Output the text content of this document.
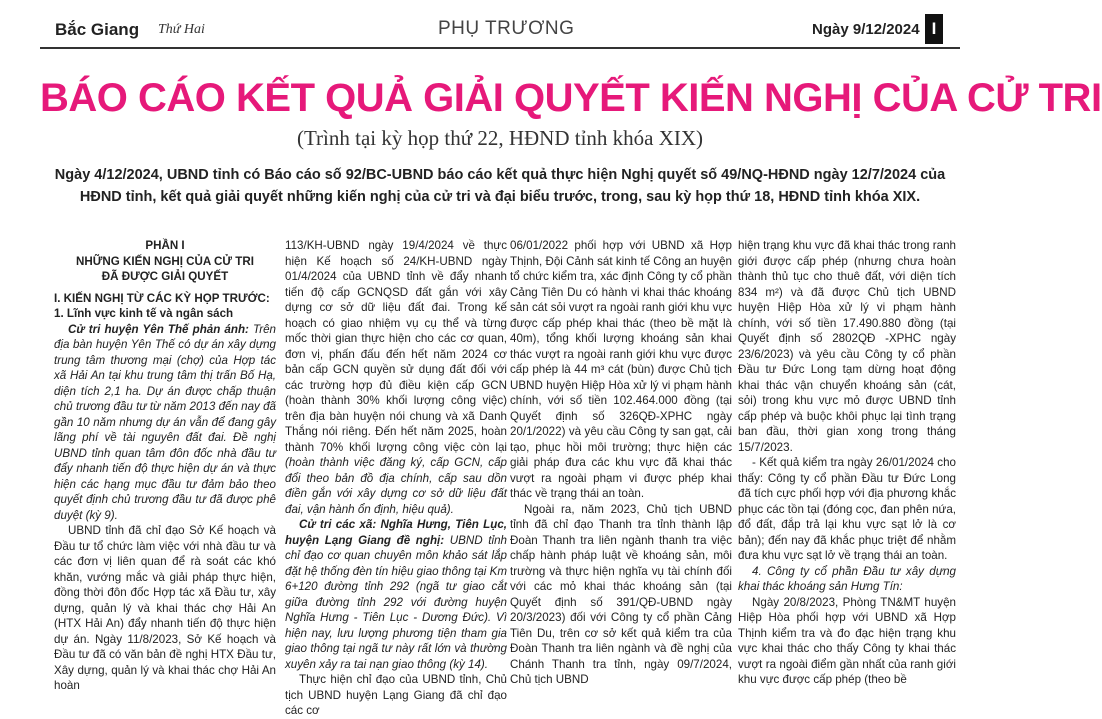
Bắc Giang Thứ Hai	PHỤ TRƯƠNG	Ngày 9/12/2024 I
BÁO CÁO KẾT QUẢ GIẢI QUYẾT KIẾN NGHỊ CỦA CỬ TRI
(Trình tại kỳ họp thứ 22, HĐND tỉnh khóa XIX)
Ngày 4/12/2024, UBND tỉnh có Báo cáo số 92/BC-UBND báo cáo kết quả thực hiện Nghị quyết số 49/NQ-HĐND ngày 12/7/2024 của HĐND tỉnh, kết quả giải quyết những kiến nghị của cử tri và đại biểu trước, trong, sau kỳ họp thứ 18, HĐND tỉnh khóa XIX.

PHẦN I

NHỮNG KIẾN NGHỊ CỦA CỬ TRI

ĐÃ ĐƯỢC GIẢI QUYẾT

I. KIẾN NGHỊ TỪ CÁC KỲ HỌP TRƯỚC:

1. Lĩnh vực kinh tế và ngân sách

Cử tri huyện Yên Thế phản ánh: Trên địa bàn huyện Yên Thế có dự án xây dựng trung tâm thương mại (chợ) của Hợp tác xã Hải An tại khu trung tâm thị trấn Bố Hạ, diện tích 2,1 ha. Dự án được chấp thuận chủ trương đầu tư từ năm 2013 đến nay đã gần 10 năm nhưng dự án vẫn để đang gây lãng phí về tài nguyên đất đai. Đề nghị UBND tỉnh quan tâm đôn đốc nhà đầu tư đẩy nhanh tiến độ thực hiện dự án và thực hiện các hạng mục đầu tư đảm bảo theo quyết định chủ trương đầu tư đã được phê duyệt (kỳ 9).

UBND tỉnh đã chỉ đạo Sở Kế hoạch và Đầu tư tổ chức làm việc với nhà đầu tư và các đơn vị liên quan để rà soát các khó khăn, vướng mắc và giải pháp thực hiện, đồng thời đôn đốc Hợp tác xã Đầu tư, xây dựng, quản lý và khai thác chợ Hải An (HTX Hải An) đẩy nhanh tiến độ thực hiện dự án. Ngày 11/8/2023, Sở Kế hoạch và Đầu tư đã có văn bản đề nghị HTX Đầu tư, Xây dựng, quản lý và khai thác chợ Hải An hoàn

113/KH-UBND ngày 19/4/2024 về thực hiện Kế hoạch số 24/KH-UBND ngày 01/4/2024 của UBND tỉnh về đẩy nhanh tiến độ cấp GCNQSD đất gắn với xây dựng cơ sở dữ liệu đất đai. Trong kế hoạch có giao nhiệm vụ cụ thể và từng mốc thời gian thực hiện cho các cơ quan, đơn vị, phấn đấu đến hết năm 2024 cơ bản cấp GCN quyền sử dụng đất đối với các trường hợp đủ điều kiện cấp GCN (hoàn thành 30% khối lượng công việc) trên địa bàn huyện nói chung và xã Danh Thắng nói riêng. Đến hết năm 2025, hoàn thành 70% khối lượng công việc còn lại (hoàn thành việc đăng ký, cấp GCN, cấp đổi theo bản đồ địa chính, cấp sau dồn điền gắn với xây dựng cơ sở dữ liệu đất đai, vận hành ổn định, hiệu quả).

Cử tri các xã: Nghĩa Hưng, Tiên Lục, huyện Lạng Giang đề nghị: UBND tỉnh chỉ đạo cơ quan chuyên môn khảo sát lắp đặt hệ thống đèn tín hiệu giao thông tại Km 6+120 đường tỉnh 292 (ngã tư giao cắt giữa đường tỉnh 292 với đường huyện Nghĩa Hưng - Tiên Lục - Dương Đức). Vì hiện nay, lưu lượng phương tiện tham gia giao thông tại ngã tư này rất lớn và thường xuyên xảy ra tai nạn giao thông (kỳ 14).

Thực hiện chỉ đạo của UBND tỉnh, Chủ tịch UBND huyện Lạng Giang đã chỉ đạo các cơ

06/01/2022 phối hợp với UBND xã Hợp Thịnh, Đội Cảnh sát kinh tế Công an huyện tổ chức kiểm tra, xác định Công ty cổ phần Cảng Tiên Du có hành vi khai thác khoáng sản cát sỏi vượt ra ngoài ranh giới khu vực được cấp phép khai thác (theo bề mặt là 40m), tổng khối lượng khoáng sản khai thác vượt ra ngoài ranh giới khu vực được cấp phép là 44 m³ cát (bùn) được Chủ tịch UBND huyện Hiệp Hòa xử lý vi phạm hành chính, với số tiền 102.464.000 đồng (tại Quyết định số 326QĐ-XPHC ngày 20/1/2022) và yêu cầu Công ty san gạt, cải tạo, phục hồi môi trường; thực hiện các giải pháp đưa các khu vực đã khai thác vượt ra ngoài phạm vi được phép khai thác về trạng thái an toàn.

Ngoài ra, năm 2023, Chủ tịch UBND tỉnh đã chỉ đạo Thanh tra tỉnh thành lập Đoàn Thanh tra liên ngành thanh tra việc chấp hành pháp luật về khoáng sản, môi trường và thực hiện nghĩa vụ tài chính đối với các mỏ khai thác khoáng sản (tại Quyết định số 391/QĐ-UBND ngày 20/3/2023) đối với Công ty cổ phần Cảng Tiên Du, trên cơ sở kết quả kiểm tra của Đoàn Thanh tra liên ngành và đề nghị của Chánh Thanh tra tỉnh, ngày 09/7/2024, Chủ tịch UBND

hiện trạng khu vực đã khai thác trong ranh giới được cấp phép (nhưng chưa hoàn thành thủ tục cho thuê đất, với diện tích 834 m²) và đã được Chủ tịch UBND huyện Hiệp Hòa xử lý vi phạm hành chính, với số tiền 17.490.880 đồng (tại Quyết định số 2802QĐ -XPHC ngày 23/6/2023) và yêu cầu Công ty cổ phần Đầu tư Đức Long tạm dừng hoạt động khai thác vận chuyển khoáng sản (cát, sỏi) trong khu vực mỏ được UBND tỉnh cấp phép và buộc khôi phục lại tình trạng ban đầu, thời gian xong trong tháng 15/7/2023.

- Kết quả kiểm tra ngày 26/01/2024 cho thấy: Công ty cổ phần Đầu tư Đức Long đã tích cực phối hợp với địa phương khắc phục các tồn tại (đóng cọc, đan phên nứa, đổ đất, đắp trả lại khu vực sạt lở là cơ bản); đến nay đã khắc phục triệt để nhằm đưa khu vực sạt lở về trạng thái an toàn.

4. Công ty cổ phần Đầu tư xây dựng khai thác khoáng sản Hưng Tín:

Ngày 20/8/2023, Phòng TN&MT huyện Hiệp Hòa phối hợp với UBND xã Hợp Thịnh kiểm tra và đo đạc hiện trạng khu vực khai thác cho thấy Công ty khai thác vượt ra ngoài điểm gần nhất của ranh giới khu vực được cấp phép (theo bề
